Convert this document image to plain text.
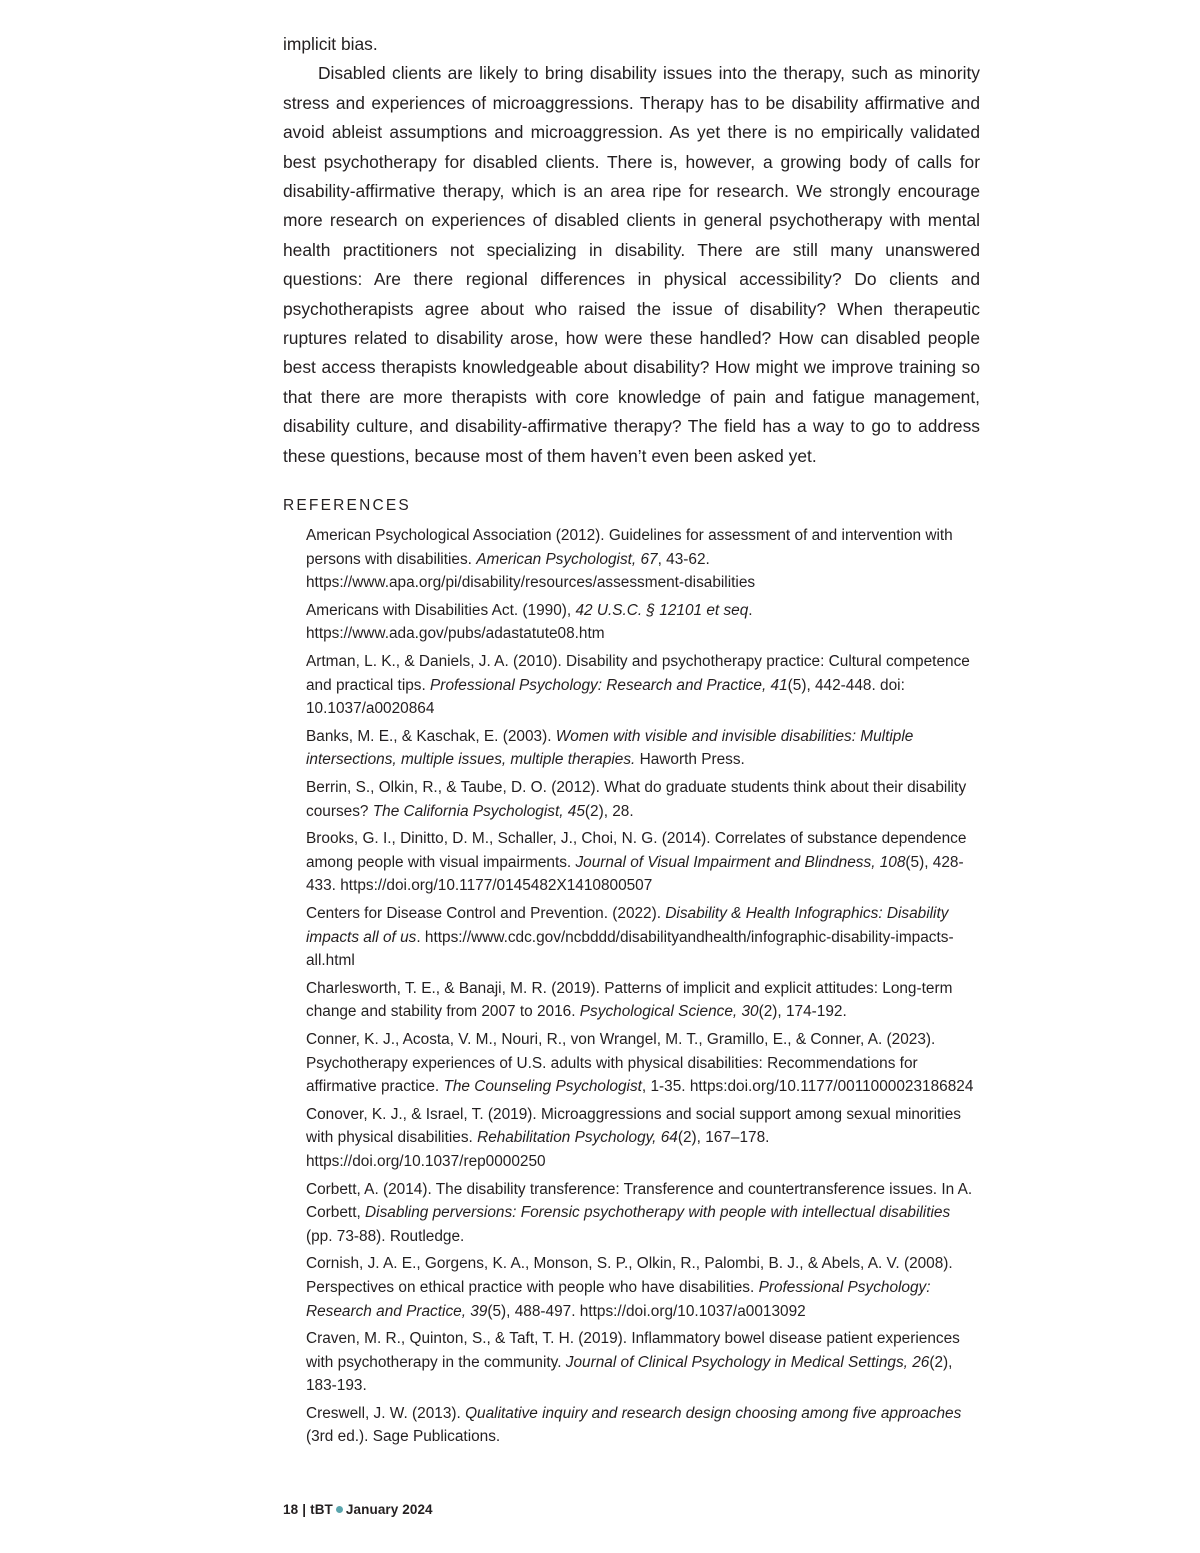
implicit bias.

Disabled clients are likely to bring disability issues into the therapy, such as minority stress and experiences of microaggressions. Therapy has to be disability affirmative and avoid ableist assumptions and microaggression. As yet there is no empirically validated best psychotherapy for disabled clients. There is, however, a growing body of calls for disability-affirmative therapy, which is an area ripe for research. We strongly encourage more research on experiences of disabled clients in general psychotherapy with mental health practitioners not specializing in disability. There are still many unanswered questions: Are there regional differences in physical accessibility? Do clients and psychotherapists agree about who raised the issue of disability? When therapeutic ruptures related to disability arose, how were these handled? How can disabled people best access therapists knowledgeable about disability? How might we improve training so that there are more therapists with core knowledge of pain and fatigue management, disability culture, and disability-affirmative therapy? The field has a way to go to address these questions, because most of them haven’t even been asked yet.

REFERENCES
American Psychological Association (2012). Guidelines for assessment of and intervention with persons with disabilities. American Psychologist, 67, 43-62. https://www.apa.org/pi/disability/resources/assessment-disabilities
Americans with Disabilities Act. (1990), 42 U.S.C. § 12101 et seq. https://www.ada.gov/pubs/adastatute08.htm
Artman, L. K., & Daniels, J. A. (2010). Disability and psychotherapy practice: Cultural competence and practical tips. Professional Psychology: Research and Practice, 41(5), 442-448. doi: 10.1037/a0020864
Banks, M. E., & Kaschak, E. (2003). Women with visible and invisible disabilities: Multiple intersections, multiple issues, multiple therapies. Haworth Press.
Berrin, S., Olkin, R., & Taube, D. O. (2012). What do graduate students think about their disability courses? The California Psychologist, 45(2), 28.
Brooks, G. I., Dinitto, D. M., Schaller, J., Choi, N. G. (2014). Correlates of substance dependence among people with visual impairments. Journal of Visual Impairment and Blindness, 108(5), 428-433. https://doi.org/10.1177/0145482X1410800507
Centers for Disease Control and Prevention. (2022). Disability & Health Infographics: Disability impacts all of us. https://www.cdc.gov/ncbddd/disabilityandhealth/infographic-disability-impacts-all.html
Charlesworth, T. E., & Banaji, M. R. (2019). Patterns of implicit and explicit attitudes: Long-term change and stability from 2007 to 2016. Psychological Science, 30(2), 174-192.
Conner, K. J., Acosta, V. M., Nouri, R., von Wrangel, M. T., Gramillo, E., & Conner, A. (2023). Psychotherapy experiences of U.S. adults with physical disabilities: Recommendations for affirmative practice. The Counseling Psychologist, 1-35. https:doi.org/10.1177/0011000023186824
Conover, K. J., & Israel, T. (2019). Microaggressions and social support among sexual minorities with physical disabilities. Rehabilitation Psychology, 64(2), 167–178. https://doi.org/10.1037/rep0000250
Corbett, A. (2014). The disability transference: Transference and countertransference issues. In A. Corbett, Disabling perversions: Forensic psychotherapy with people with intellectual disabilities (pp. 73-88). Routledge.
Cornish, J. A. E., Gorgens, K. A., Monson, S. P., Olkin, R., Palombi, B. J., & Abels, A. V. (2008). Perspectives on ethical practice with people who have disabilities. Professional Psychology: Research and Practice, 39(5), 488-497. https://doi.org/10.1037/a0013092
Craven, M. R., Quinton, S., & Taft, T. H. (2019). Inflammatory bowel disease patient experiences with psychotherapy in the community. Journal of Clinical Psychology in Medical Settings, 26(2), 183-193.
Creswell, J. W. (2013). Qualitative inquiry and research design choosing among five approaches (3rd ed.). Sage Publications.
18 | tBT January 2024
